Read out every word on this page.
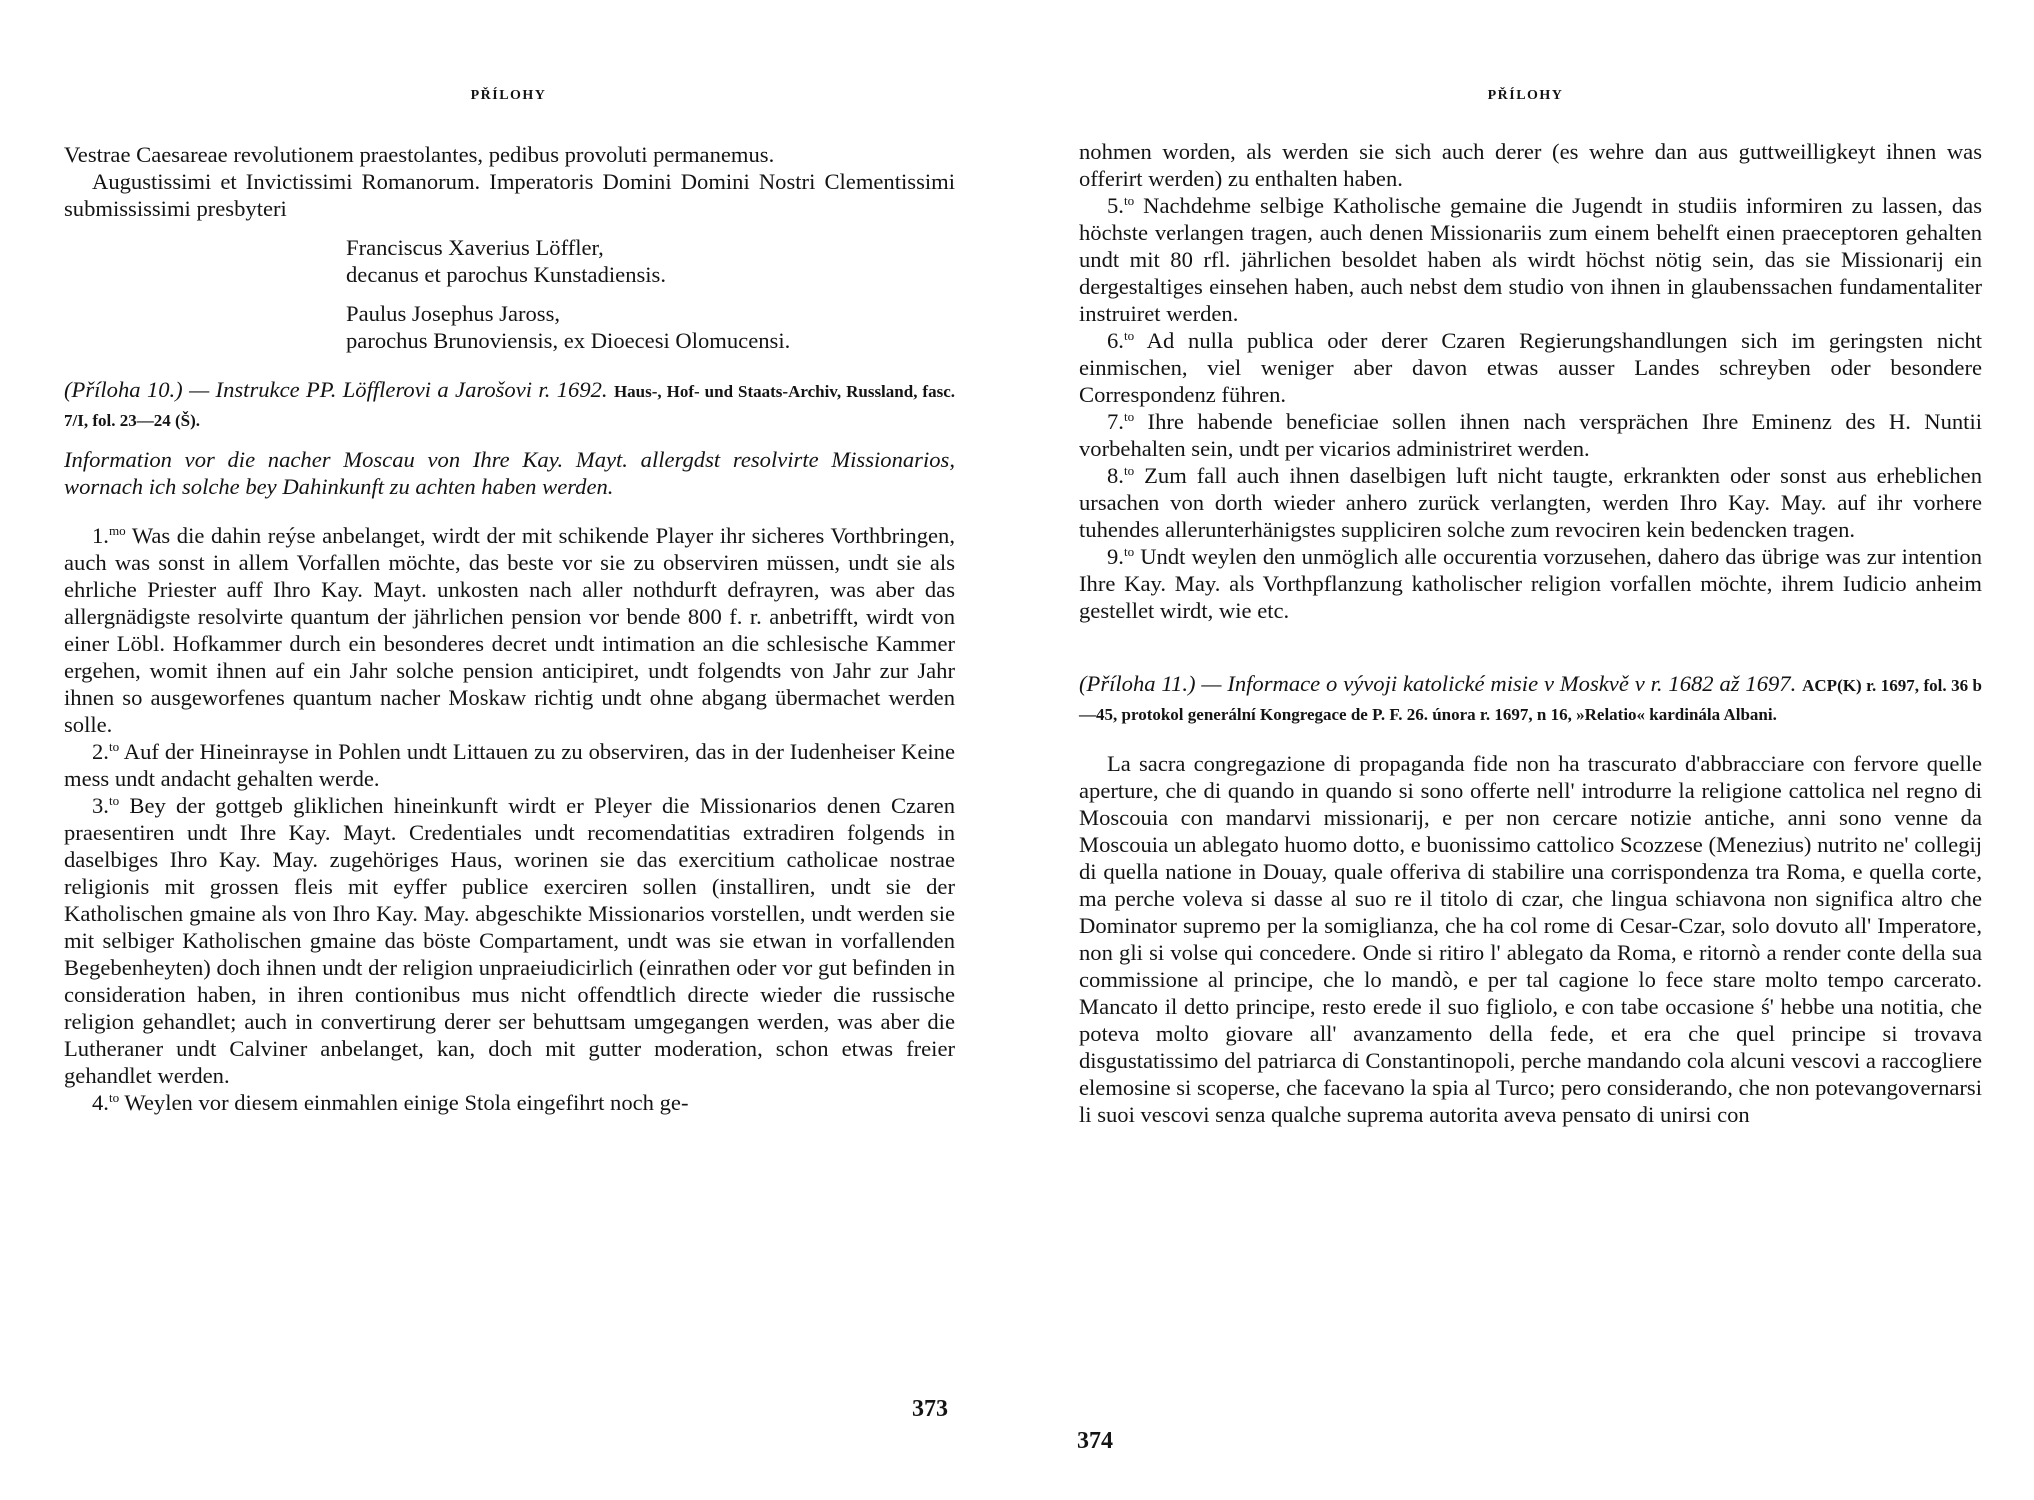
PŘÍLOHY

Vestrae Caesareae revolutionem praestolantes, pedibus provoluti permanemus.

Augustissimi et Invictissimi Romanorum. Imperatoris Domini Domini Nostri Clementissimi submississimi presbyteri

Franciscus Xaverius Löffler,
decanus et parochus Kunstadiensis.
Paulus Josephus Jaross,
parochus Brunoviensis, ex Dioecesi Olomucensi.

(Příloha 10.) — Instrukce PP. Löfflerovi a Jarošovi r. 1692. Haus-, Hof- und Staats-Archiv, Russland, fasc. 7/I, fol. 23—24 (Š).

Information vor die nacher Moscau von Ihre Kay. Mayt. allergdst resolvirte Missionarios, wornach ich solche bey Dahinkunft zu achten haben werden.

1.$^{mo}$ Was die dahin reýse anbelanget, wirdt der mit schikende Player ihr sicheres Vorthbringen, auch was sonst in allem Vorfallen möchte, das beste vor sie zu observiren müssen, undt sie als ehrliche Priester auff Ihro Kay. Mayt. unkosten nach aller nothdurft defrayren, was aber das allergnädigste resolvirte quantum der jährlichen pension vor bende 800 f. r. anbetrifft, wirdt von einer Löbl. Hofkammer durch ein besonderes decret undt intimation an die schlesische Kammer ergehen, womit ihnen auf ein Jahr solche pension anticipiret, undt folgendts von Jahr zur Jahr ihnen so ausgeworfenes quantum nacher Moskaw richtig undt ohne abgang übermachet werden solle.

2.$^{to}$ Auf der Hineinrayse in Pohlen undt Littauen zu zu observiren, das in der Iudenheiser Keine mess undt andacht gehalten werde.

3.$^{to}$ Bey der gottgeb gliklichen hineinkunft wirdt er Pleyer die Missionarios denen Czaren praesentiren undt Ihre Kay. Mayt. Credentiales undt recomendatitias extradiren folgends in daselbiges Ihro Kay. May. zugehöriges Haus, worinen sie das exercitium catholicae nostrae religionis mit grossen fleis mit eyffer publice exerciren sollen (installiren, undt sie der Katholischen gmaine als von Ihro Kay. May. abgeschikte Missionarios vorstellen, undt werden sie mit selbiger Katholischen gmaine das böste Compartament, undt was sie etwan in vorfallenden Begebenheyten) doch ihnen undt der religion unpraeiudicirlich (einrathen oder vor gut befinden in consideration haben, in ihren contionibus mus nicht offendtlich directe wieder die russische religion gehandlet; auch in convertirung derer ser behuttsam umgegangen werden, was aber die Lutheraner undt Calviner anbelanget, kan, doch mit gutter moderation, schon etwas freier gehandlet werden.

4.$^{to}$ Weylen vor diesem einmahlen einige Stola eingefihrt noch ge-

373
PŘÍLOHY

nohmen worden, als werden sie sich auch derer (es wehre dan aus guttweilligkeyt ihnen was offerirt werden) zu enthalten haben.

5.$^{to}$ Nachdehme selbige Katholische gemaine die Jugendt in studiis informiren zu lassen, das höchste verlangen tragen, auch denen Missionariis zum einem behelft einen praeceptoren gehalten undt mit 80 rfl. jährlichen besoldet haben als wirdt höchst nötig sein, das sie Missionarij ein dergestaltiges einsehen haben, auch nebst dem studio von ihnen in glaubenssachen fundamentaliter instruiret werden.

6.$^{to}$ Ad nulla publica oder derer Czaren Regierungshandlungen sich im geringsten nicht einmischen, viel weniger aber davon etwas ausser Landes schreyben oder besondere Correspondenz führen.

7.$^{to}$ Ihre habende beneficiae sollen ihnen nach versprächen Ihre Eminenz des H. Nuntii vorbehalten sein, undt per vicarios administriret werden.

8.$^{to}$ Zum fall auch ihnen daselbigen luft nicht taugte, erkrankten oder sonst aus erheblichen ursachen von dorth wieder anhero zurück verlangten, werden Ihro Kay. May. auf ihr vorhere tuhendes allerunterhänigstes suppliciren solche zum revociren kein bedencken tragen.

9.$^{to}$ Undt weylen den unmöglich alle occurentia vorzusehen, dahero das übrige was zur intention Ihre Kay. May. als Vorthpflanzung katholischer religion vorfallen möchte, ihrem Iudicio anheim gestellet wirdt, wie etc.

(Příloha 11.) — Informace o vývoji katolické misie v Moskvě v r. 1682 až 1697. ACP(K) r. 1697, fol. 36 b—45, protokol generální Kongregace de P. F. 26. února r. 1697, n 16, »Relatio« kardinála Albani.

La sacra congregazione di propaganda fide non ha trascurato d'abbracciare con fervore quelle aperture, che di quando in quando si sono offerte nell' introdurre la religione cattolica nel regno di Moscouia con mandarvi missionarij, e per non cercare notizie antiche, anni sono venne da Moscouia un ablegato huomo dotto, e buonissimo cattolico Scozzese (Menezius) nutrito ne' collegij di quella natione in Douay, quale offeriva di stabilire una corrispondenza tra Roma, e quella corte, ma perche voleva si dasse al suo re il titolo di czar, che lingua schiavona non significa altro che Dominator supremo per la somiglianza, che ha col rome di Cesar-Czar, solo dovuto all' Imperatore, non gli si volse qui concedere. Onde si ritiro l' ablegato da Roma, e ritornò a render conte della sua commissione al principe, che lo mandò, e per tal cagione lo fece stare molto tempo carcerato. Mancato il detto principe, resto erede il suo figliolo, e con tabe occasione ś' hebbe una notitia, che poteva molto giovare all' avanzamento della fede, et era che quel principe si trovava disgustatissimo del patriarca di Constantinopoli, perche mandando cola alcuni vescovi a raccogliere elemosine si scoperse, che facevano la spia al Turco; pero considerando, che non potevangovernarsi li suoi vescovi senza qualche suprema autorita aveva pensato di unirsi con

374
